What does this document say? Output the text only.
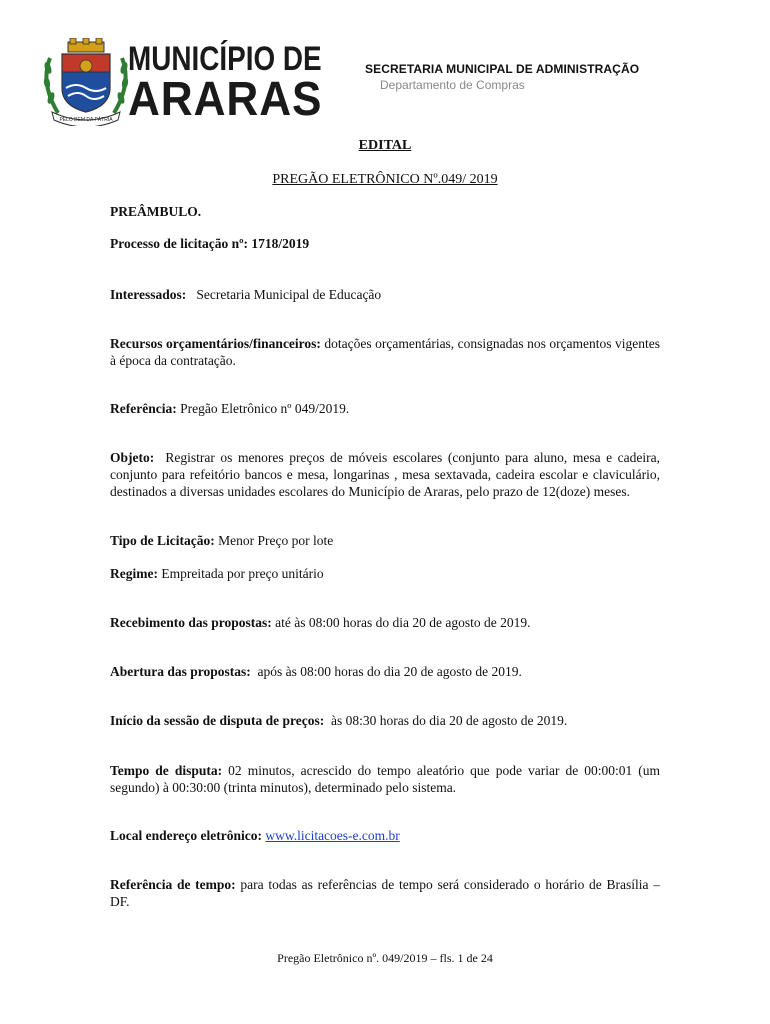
PELO BEM DA PÁTRIA
MUNICÍPIO DE
ARARAS
SECRETARIA MUNICIPAL DE ADMINISTRAÇÃO
Departamento de Compras
EDITAL
PREGÃO ELETRÔNICO Nº.049/ 2019
PREÂMBULO.
Processo de licitação nº: 1718/2019
Interessados: Secretaria Municipal de Educação
Recursos orçamentários/financeiros: dotações orçamentárias, consignadas nos orçamentos vigentes à época da contratação.
Referência: Pregão Eletrônico nº 049/2019.
Objeto: Registrar os menores preços de móveis escolares (conjunto para aluno, mesa e cadeira, conjunto para refeitório bancos e mesa, longarinas , mesa sextavada, cadeira escolar e claviculário, destinados a diversas unidades escolares do Município de Araras, pelo prazo de 12(doze) meses.
Tipo de Licitação: Menor Preço por lote
Regime: Empreitada por preço unitário
Recebimento das propostas: até às 08:00 horas do dia 20 de agosto de 2019.
Abertura das propostas: após às 08:00 horas do dia 20 de agosto de 2019.
Início da sessão de disputa de preços: às 08:30 horas do dia 20 de agosto de 2019.
Tempo de disputa: 02 minutos, acrescido do tempo aleatório que pode variar de 00:00:01 (um segundo) à 00:30:00 (trinta minutos), determinado pelo sistema.
Local endereço eletrônico: www.licitacoes-e.com.br
Referência de tempo: para todas as referências de tempo será considerado o horário de Brasília – DF.
Pregão Eletrônico nº. 049/2019 – fls. 1 de 24
